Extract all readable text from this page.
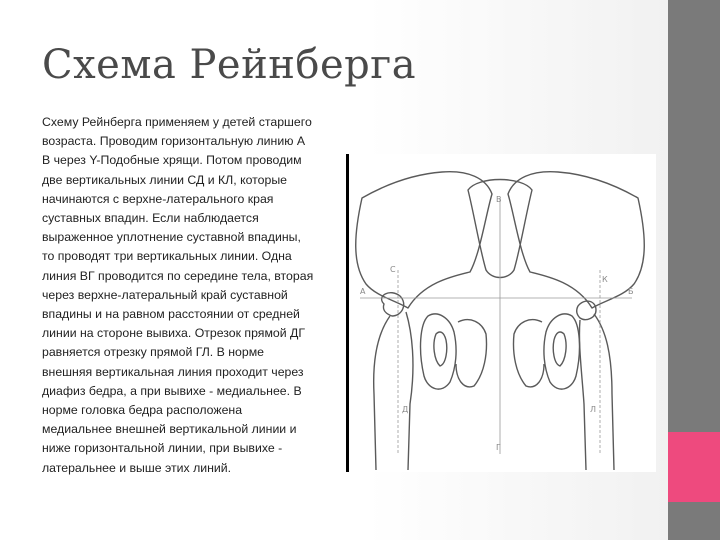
Схема Рейнберга

Схему Рейнберга применяем у детей старшего возраста. Проводим горизонтальную линию А В через Y-Подобные хрящи. Потом проводим две вертикальных линии СД и КЛ, которые начинаются с верхне-латерального края суставных впадин. Если наблюдается выраженное уплотнение суставной впадины, то проводят три вертикальных линии. Одна линия ВГ проводится по середине тела, вторая через верхне-латеральный край суставной впадины и на равном расстоянии от средней линии на стороне вывиха. Отрезок прямой ДГ равняется отрезку прямой ГЛ. В норме внешняя вертикальная линия проходит через диафиз бедра, а при вывихе - медиальнее. В норме головка бедра расположена медиальнее внешней вертикальной линии и ниже горизонтальной линии, при вывихе - латеральнее и выше этих линий.

А	Б
В
Г
С
Д
К
Л
